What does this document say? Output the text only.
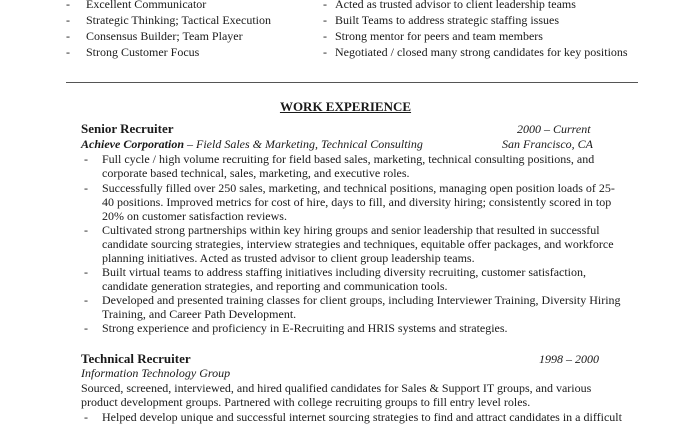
- Excellent Communicator
- Strategic Thinking; Tactical Execution
- Consensus Builder; Team Player
- Strong Customer Focus
- Acted as trusted advisor to client leadership teams
- Built Teams to address strategic staffing issues
- Strong mentor for peers and team members
- Negotiated / closed many strong candidates for key positions
WORK EXPERIENCE
Senior Recruiter	2000 – Current
Achieve Corporation – Field Sales & Marketing, Technical Consulting	San Francisco, CA
- Full cycle / high volume recruiting for field based sales, marketing, technical consulting positions, and
corporate based technical, sales, marketing, and executive roles.
- Successfully filled over 250 sales, marketing, and technical positions, managing open position loads of 25-
40 positions. Improved metrics for cost of hire, days to fill, and diversity hiring; consistently scored in top
20% on customer satisfaction reviews.
- Cultivated strong partnerships within key hiring groups and senior leadership that resulted in successful
candidate sourcing strategies, interview strategies and techniques, equitable offer packages, and workforce
planning initiatives. Acted as trusted advisor to client group leadership teams.
- Built virtual teams to address staffing initiatives including diversity recruiting, customer satisfaction,
candidate generation strategies, and reporting and communication tools.
- Developed and presented training classes for client groups, including Interviewer Training, Diversity Hiring
Training, and Career Path Development.
- Strong experience and proficiency in E-Recruiting and HRIS systems and strategies.
Technical Recruiter	1998 – 2000
Information Technology Group
Sourced, screened, interviewed, and hired qualified candidates for Sales & Support IT groups, and various
product development groups. Partnered with college recruiting groups to fill entry level roles.
- Helped develop unique and successful internet sourcing strategies to find and attract candidates in a difficult
